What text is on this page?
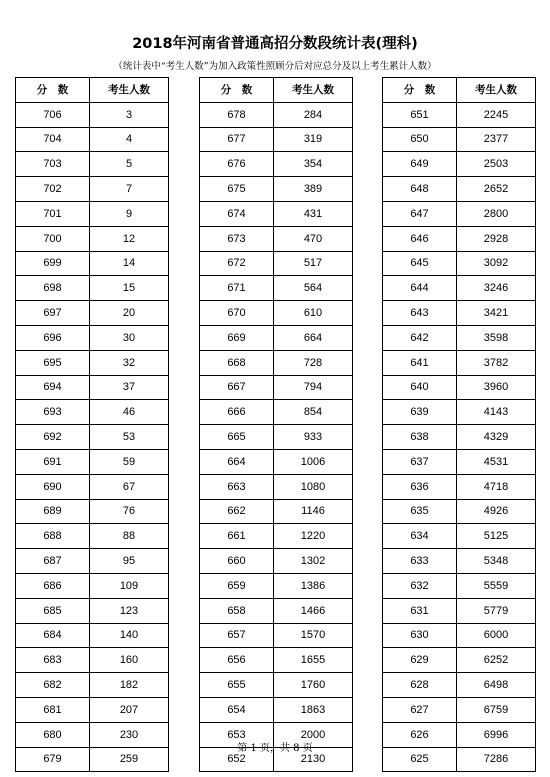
2018年河南省普通高招分数段统计表(理科)
（统计表中“考生人数”为加入政策性照顾分后对应总分及以上考生累计人数）
分　数	考生人数
706	3
704	4
703	5
702	7
701	9
700	12
699	14
698	15
697	20
696	30
695	32
694	37
693	46
692	53
691	59
690	67
689	76
688	88
687	95
686	109
685	123
684	140
683	160
682	182
681	207
680	230
679	259
分　数	考生人数
678	284
677	319
676	354
675	389
674	431
673	470
672	517
671	564
670	610
669	664
668	728
667	794
666	854
665	933
664	1006
663	1080
662	1146
661	1220
660	1302
659	1386
658	1466
657	1570
656	1655
655	1760
654	1863
653	2000
652	2130
分　数	考生人数
651	2245
650	2377
649	2503
648	2652
647	2800
646	2928
645	3092
644	3246
643	3421
642	3598
641	3782
640	3960
639	4143
638	4329
637	4531
636	4718
635	4926
634	5125
633	5348
632	5559
631	5779
630	6000
629	6252
628	6498
627	6759
626	6996
625	7286
第 1 页，共 8 页
